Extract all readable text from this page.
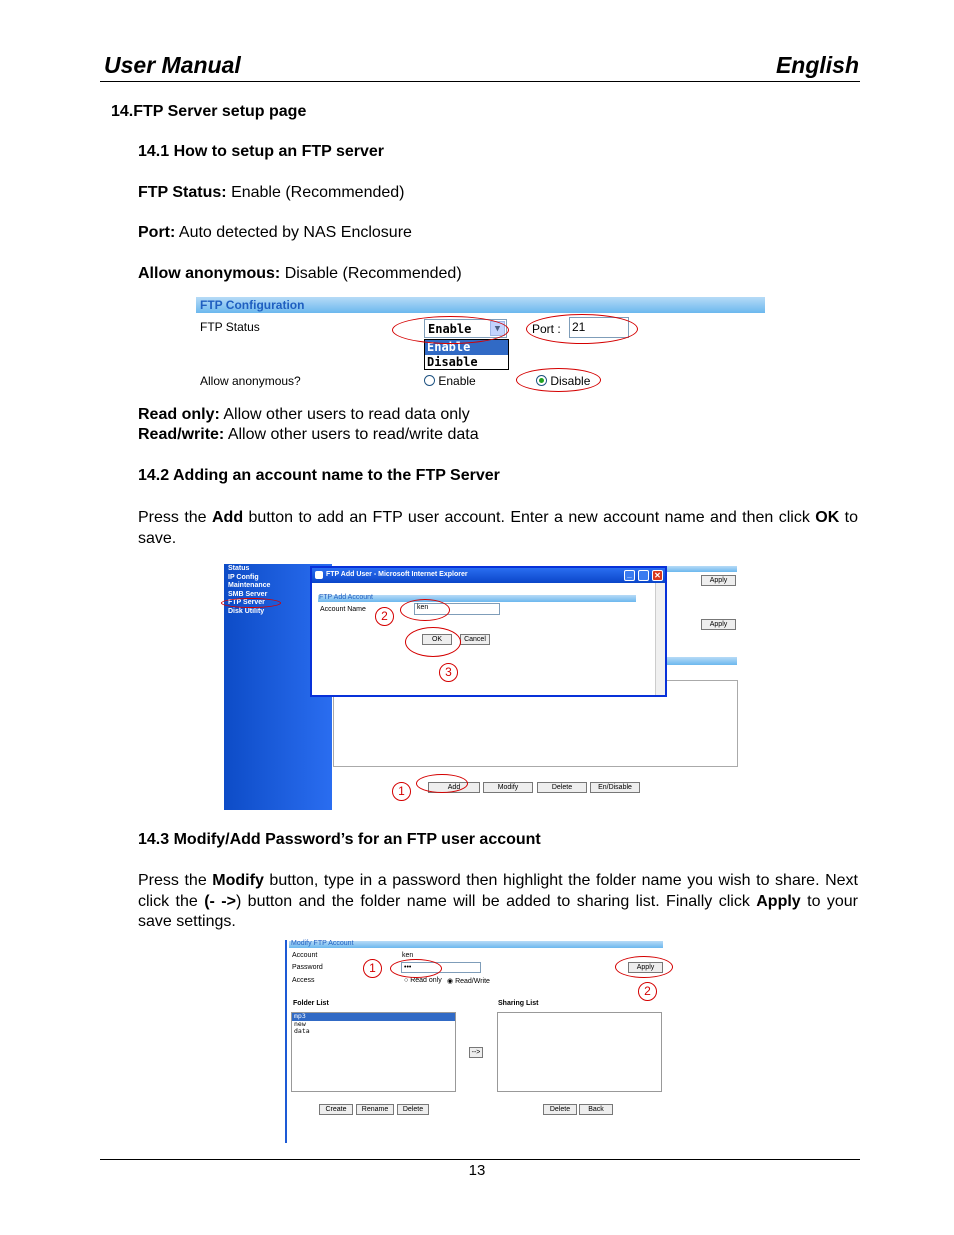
User Manual	English
14.FTP Server setup page
14.1 How to setup an FTP server
FTP Status: Enable (Recommended)
Port: Auto detected by NAS Enclosure
Allow anonymous: Disable (Recommended)
FTP Configuration
FTP Status	Enable	▼
Enable
Disable
Port : 21
Allow anonymous?	Enable	Disable
Read only: Allow other users to read data only
Read/write: Allow other users to read/write data
14.2 Adding an account name to the FTP Server
Press the Add button to add an FTP user account. Enter a new account name and then click OK to save.
Status
IP Config
Maintenance
SMB Server
FTP Server
Disk Utility
Apply
Apply
Add	Modify	Delete	En/Disable
1
FTP Add User - Microsoft Internet Explorer	_	✕
FTP Add Account
Account Name	ken
OK	Cancel
2
3
14.3 Modify/Add Password’s for an FTP user account
Press the Modify button, type in a password then highlight the folder name you wish to share. Next click the (- ->) button and the folder name will be added to sharing list. Finally click Apply to your save settings.
Modify FTP Account
Account	ken
Password	•••
Access	○ Read only ◉ Read/Write
Apply
1
2
Folder List	Sharing List
mp3
new
data
-->
Create	Rename	Delete	Delete	Back
13
